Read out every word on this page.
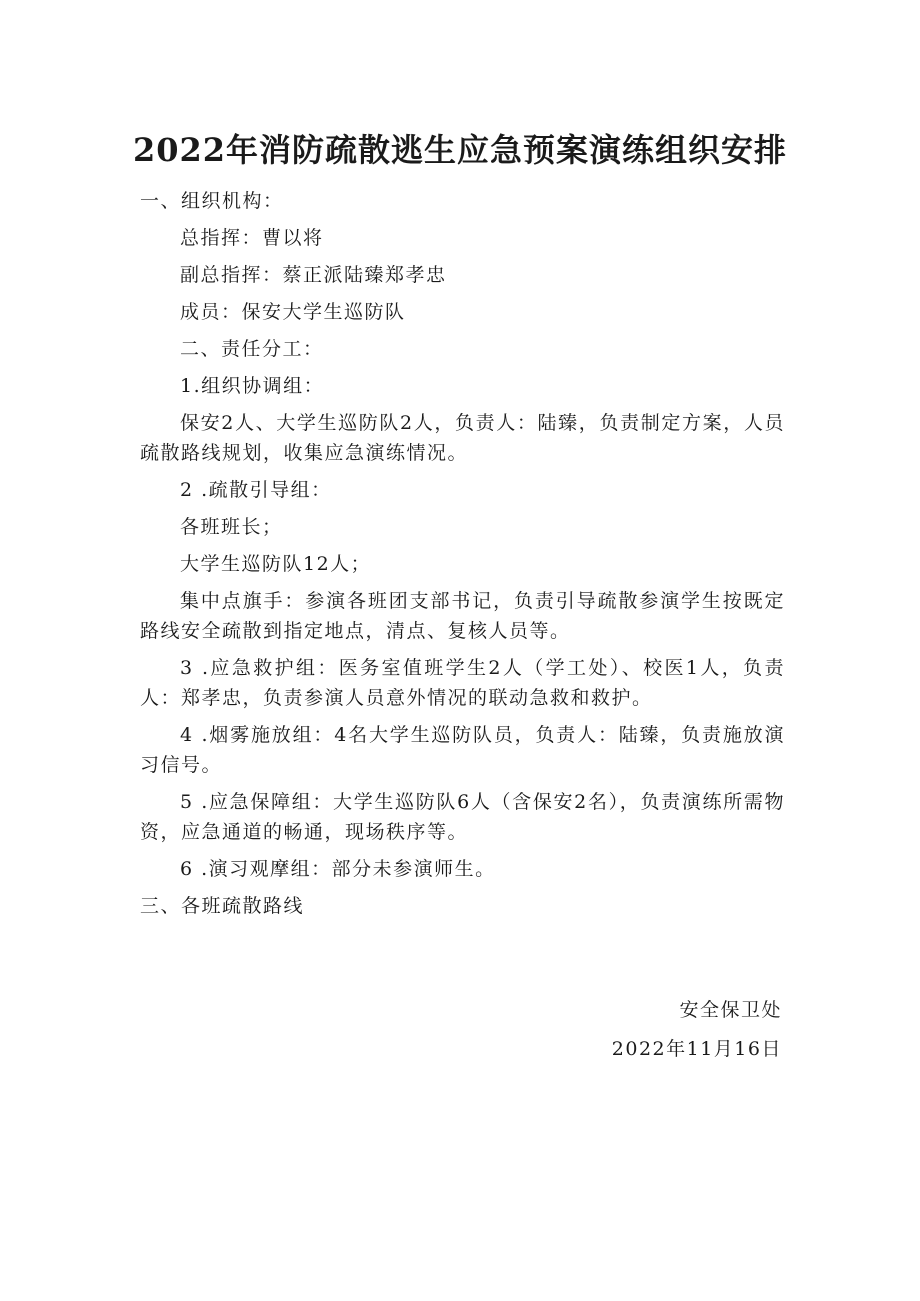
2022年消防疏散逃生应急预案演练组织安排

一、组织机构：

总指挥：曹以将

副总指挥：蔡正派陆臻郑孝忠

成员：保安大学生巡防队

二、责任分工：

1.组织协调组：

保安2人、大学生巡防队2人，负责人：陆臻，负责制定方案，人员疏散路线规划，收集应急演练情况。

2 .疏散引导组：

各班班长；

大学生巡防队12人；

集中点旗手：参演各班团支部书记，负责引导疏散参演学生按既定路线安全疏散到指定地点，清点、复核人员等。

3 .应急救护组：医务室值班学生2人（学工处）、校医1人，负责人：郑孝忠，负责参演人员意外情况的联动急救和救护。

4 .烟雾施放组：4名大学生巡防队员，负责人：陆臻，负责施放演习信号。

5 .应急保障组：大学生巡防队6人（含保安2名），负责演练所需物资，应急通道的畅通，现场秩序等。

6 .演习观摩组：部分未参演师生。

三、各班疏散路线

安全保卫处
2022年11月16日
